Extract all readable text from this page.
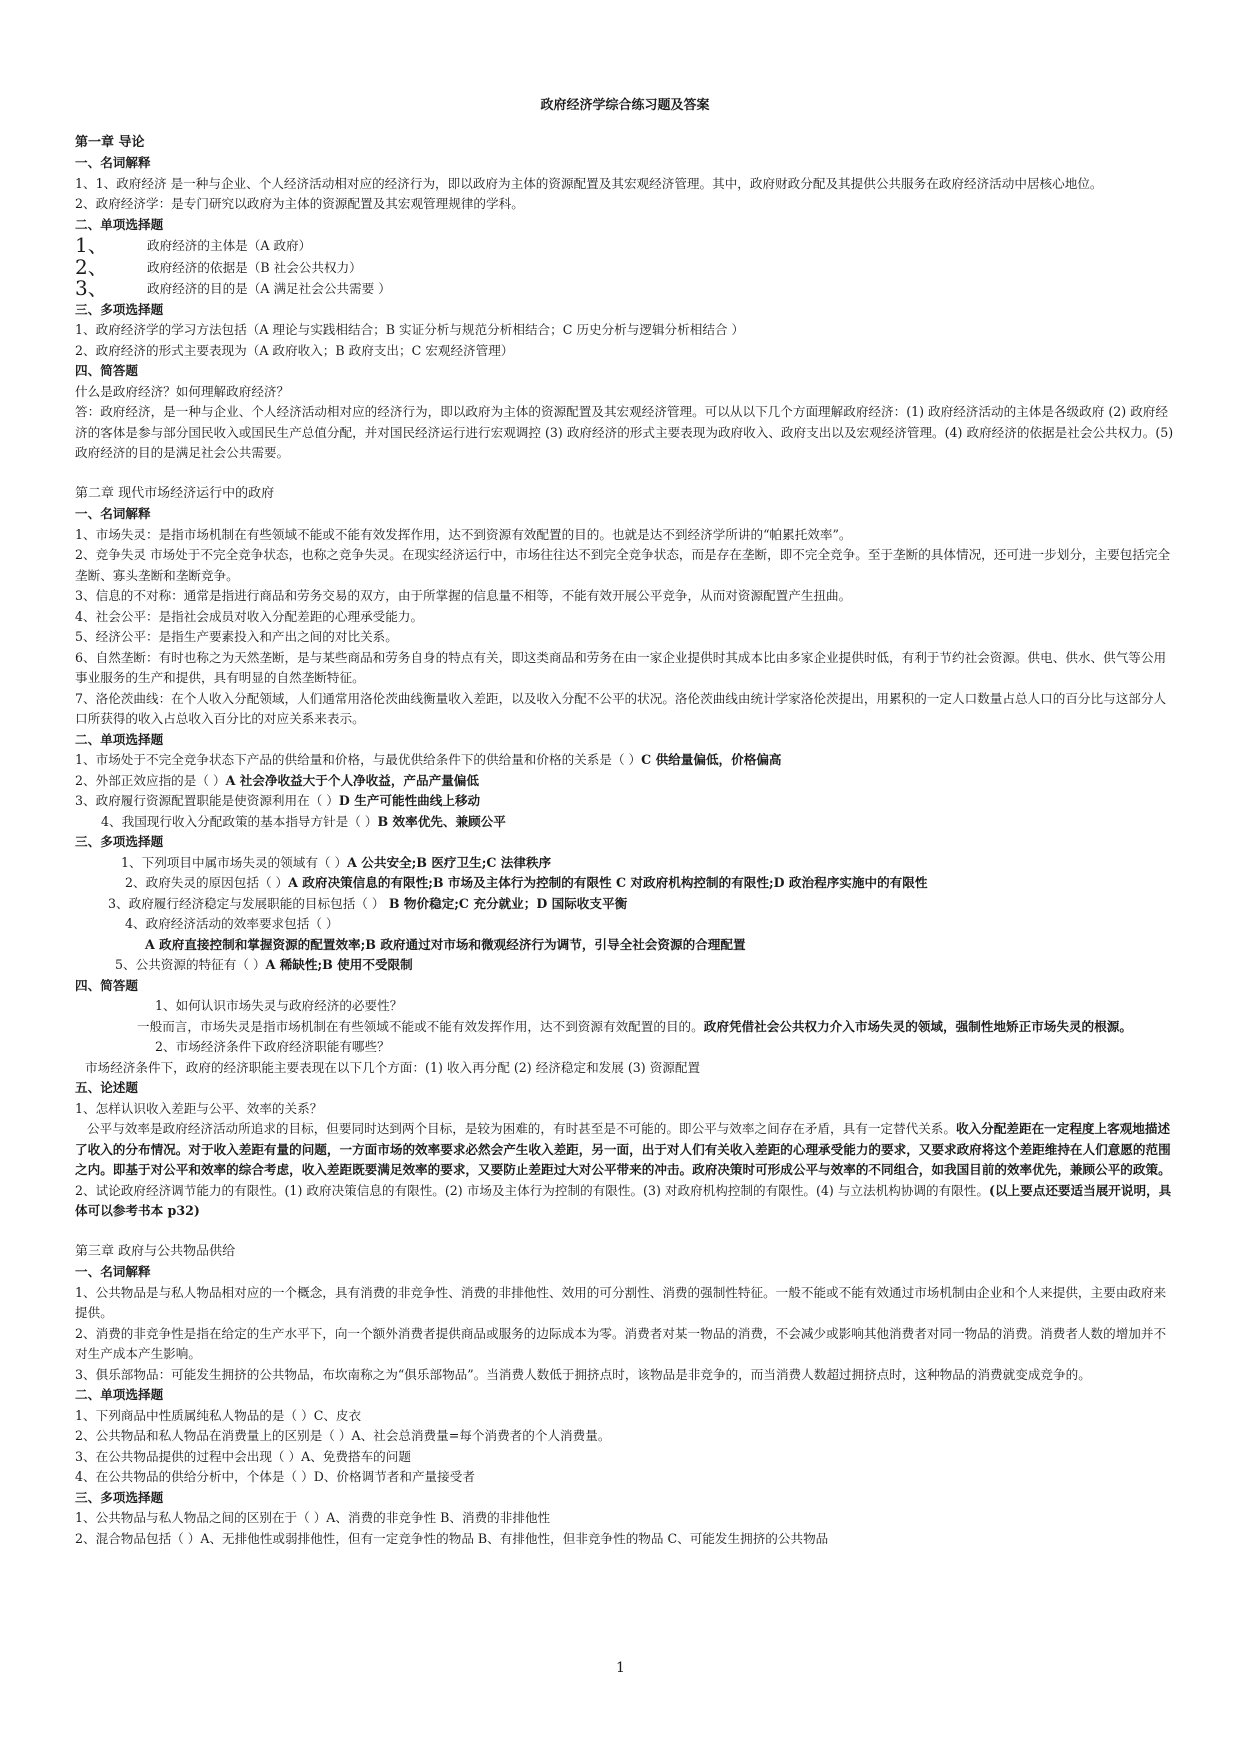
政府经济学综合练习题及答案
第一章 导论
一、名词解释

1、1、政府经济 是一种与企业、个人经济活动相对应的经济行为，即以政府为主体的资源配置及其宏观经济管理。其中，政府财政分配及其提供公共服务在政府经济活动中居核心地位。

2、政府经济学：是专门研究以政府为主体的资源配置及其宏观管理规律的学科。

二、单项选择题

1、	政府经济的主体是（A 政府）

2、	政府经济的依据是（B 社会公共权力）

3、	政府经济的目的是（A 满足社会公共需要 ）

三、多项选择题

1、政府经济学的学习方法包括（A 理论与实践相结合；B 实证分析与规范分析相结合；C 历史分析与逻辑分析相结合 ）

2、政府经济的形式主要表现为（A 政府收入；B 政府支出；C 宏观经济管理）

四、简答题

什么是政府经济？如何理解政府经济？

答：政府经济，是一种与企业、个人经济活动相对应的经济行为，即以政府为主体的资源配置及其宏观经济管理。可以从以下几个方面理解政府经济：(1) 政府经济活动的主体是各级政府 (2) 政府经济的客体是参与部分国民收入或国民生产总值分配，并对国民经济运行进行宏观调控 (3) 政府经济的形式主要表现为政府收入、政府支出以及宏观经济管理。(4) 政府经济的依据是社会公共权力。(5) 政府经济的目的是满足社会公共需要。

第二章 现代市场经济运行中的政府
一、名词解释

1、市场失灵：是指市场机制在有些领域不能或不能有效发挥作用，达不到资源有效配置的目的。也就是达不到经济学所讲的“帕累托效率”。

2、竞争失灵 市场处于不完全竞争状态，也称之竞争失灵。在现实经济运行中，市场往往达不到完全竞争状态，而是存在垄断，即不完全竞争。至于垄断的具体情况，还可进一步划分，主要包括完全垄断、寡头垄断和垄断竞争。

3、信息的不对称：通常是指进行商品和劳务交易的双方，由于所掌握的信息量不相等，不能有效开展公平竞争，从而对资源配置产生扭曲。

4、社会公平：是指社会成员对收入分配差距的心理承受能力。

5、经济公平：是指生产要素投入和产出之间的对比关系。

6、自然垄断：有时也称之为天然垄断，是与某些商品和劳务自身的特点有关，即这类商品和劳务在由一家企业提供时其成本比由多家企业提供时低，有利于节约社会资源。供电、供水、供气等公用事业服务的生产和提供，具有明显的自然垄断特征。

7、洛伦茨曲线：在个人收入分配领域，人们通常用洛伦茨曲线衡量收入差距，以及收入分配不公平的状况。洛伦茨曲线由统计学家洛伦茨提出，用累积的一定人口数量占总人口的百分比与这部分人口所获得的收入占总收入百分比的对应关系来表示。

二、单项选择题

1、市场处于不完全竞争状态下产品的供给量和价格，与最优供给条件下的供给量和价格的关系是（ ）C 供给量偏低，价格偏高

2、外部正效应指的是（ ）A 社会净收益大于个人净收益，产品产量偏低

3、政府履行资源配置职能是使资源利用在（ ）D 生产可能性曲线上移动

4、我国现行收入分配政策的基本指导方针是（ ）B 效率优先、兼顾公平

三、多项选择题

1、下列项目中属市场失灵的领域有（ ）A 公共安全;B 医疗卫生;C 法律秩序

2、政府失灵的原因包括（ ）A 政府决策信息的有限性;B 市场及主体行为控制的有限性 C 对政府机构控制的有限性;D 政治程序实施中的有限性

3、政府履行经济稳定与发展职能的目标包括（ ） B 物价稳定;C 充分就业；D 国际收支平衡

4、政府经济活动的效率要求包括（ ）

A 政府直接控制和掌握资源的配置效率;B 政府通过对市场和微观经济行为调节，引导全社会资源的合理配置

5、公共资源的特征有（ ）A 稀缺性;B 使用不受限制

四、简答题

1、如何认识市场失灵与政府经济的必要性？

一般而言，市场失灵是指市场机制在有些领域不能或不能有效发挥作用，达不到资源有效配置的目的。政府凭借社会公共权力介入市场失灵的领域，强制性地矫正市场失灵的根源。

2、市场经济条件下政府经济职能有哪些？

市场经济条件下，政府的经济职能主要表现在以下几个方面：(1) 收入再分配 (2) 经济稳定和发展 (3) 资源配置

五、论述题

1、怎样认识收入差距与公平、效率的关系？

公平与效率是政府经济活动所追求的目标，但要同时达到两个目标，是较为困难的，有时甚至是不可能的。即公平与效率之间存在矛盾，具有一定替代关系。收入分配差距在一定程度上客观地描述了收入的分布情况。对于收入差距有量的问题，一方面市场的效率要求必然会产生收入差距，另一面，出于对人们有关收入差距的心理承受能力的要求，又要求政府将这个差距维持在人们意愿的范围之内。即基于对公平和效率的综合考虑，收入差距既要满足效率的要求，又要防止差距过大对公平带来的冲击。政府决策时可形成公平与效率的不同组合，如我国目前的效率优先，兼顾公平的政策。

2、试论政府经济调节能力的有限性。(1) 政府决策信息的有限性。(2) 市场及主体行为控制的有限性。(3) 对政府机构控制的有限性。(4) 与立法机构协调的有限性。(以上要点还要适当展开说明，具体可以参考书本 p32)

第三章 政府与公共物品供给
一、名词解释

1、公共物品是与私人物品相对应的一个概念，具有消费的非竞争性、消费的非排他性、效用的可分割性、消费的强制性特征。一般不能或不能有效通过市场机制由企业和个人来提供，主要由政府来提供。

2、消费的非竞争性是指在给定的生产水平下，向一个额外消费者提供商品或服务的边际成本为零。消费者对某一物品的消费，不会减少或影响其他消费者对同一物品的消费。消费者人数的增加并不对生产成本产生影响。

3、俱乐部物品：可能发生拥挤的公共物品，布坎南称之为“俱乐部物品”。当消费人数低于拥挤点时，该物品是非竞争的，而当消费人数超过拥挤点时，这种物品的消费就变成竞争的。

二、单项选择题

1、下列商品中性质属纯私人物品的是（ ）C、皮衣

2、公共物品和私人物品在消费量上的区别是（ ）A、社会总消费量=每个消费者的个人消费量。

3、在公共物品提供的过程中会出现（ ）A、免费搭车的问题

4、在公共物品的供给分析中，个体是（ ）D、价格调节者和产量接受者

三、多项选择题

1、公共物品与私人物品之间的区别在于（ ）A、消费的非竞争性 B、消费的非排他性

2、混合物品包括（ ）A、无排他性或弱排他性，但有一定竞争性的物品 B、有排他性，但非竞争性的物品 C、可能发生拥挤的公共物品

1
